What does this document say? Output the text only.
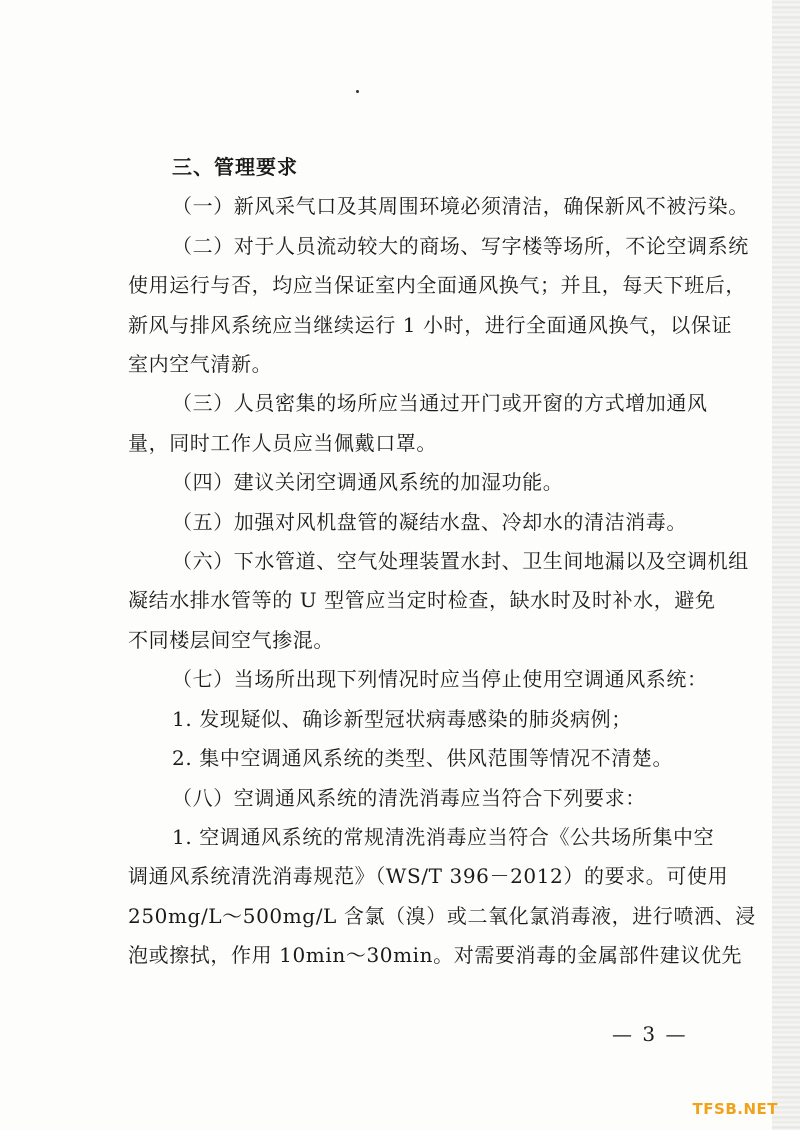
三、管理要求
（一）新风采气口及其周围环境必须清洁，确保新风不被污染。
（二）对于人员流动较大的商场、写字楼等场所，不论空调系统
使用运行与否，均应当保证室内全面通风换气；并且，每天下班后，
新风与排风系统应当继续运行 1 小时，进行全面通风换气，以保证
室内空气清新。
（三）人员密集的场所应当通过开门或开窗的方式增加通风
量，同时工作人员应当佩戴口罩。
（四）建议关闭空调通风系统的加湿功能。
（五）加强对风机盘管的凝结水盘、冷却水的清洁消毒。
（六）下水管道、空气处理装置水封、卫生间地漏以及空调机组
凝结水排水管等的 U 型管应当定时检查，缺水时及时补水，避免
不同楼层间空气掺混。
（七）当场所出现下列情况时应当停止使用空调通风系统：
1. 发现疑似、确诊新型冠状病毒感染的肺炎病例；
2. 集中空调通风系统的类型、供风范围等情况不清楚。
（八）空调通风系统的清洗消毒应当符合下列要求：
1. 空调通风系统的常规清洗消毒应当符合《公共场所集中空
调通风系统清洗消毒规范》（WS/T 396－2012）的要求。可使用
250mg/L～500mg/L 含氯（溴）或二氧化氯消毒液，进行喷洒、浸
泡或擦拭，作用 10min～30min。对需要消毒的金属部件建议优先
— 3 —
TFSB.NET
